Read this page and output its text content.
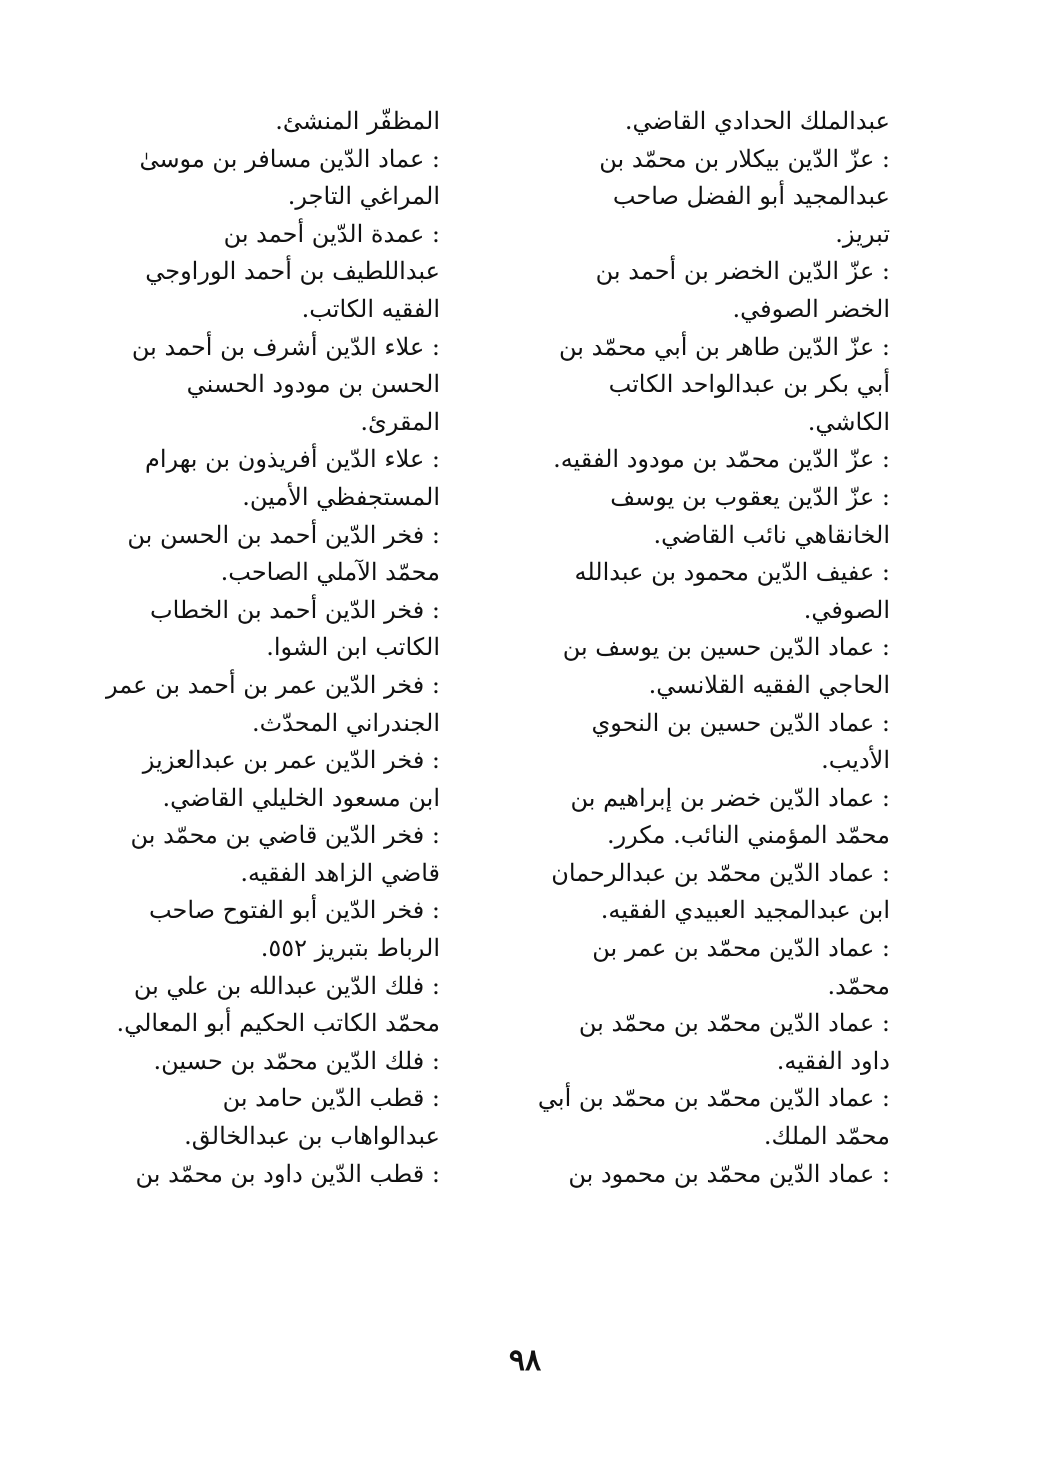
عبدالملك الحدادي القاضي.
: عزّ الدّين بيكلار بن محمّد بن
عبدالمجيد أبو الفضل صاحب
تبريز.
: عزّ الدّين الخضر بن أحمد بن
الخضر الصوفي.
: عزّ الدّين طاهر بن أبي محمّد بن
أبي بكر بن عبدالواحد الكاتب
الكاشي.
: عزّ الدّين محمّد بن مودود الفقيه.
: عزّ الدّين يعقوب بن يوسف
الخانقاهي نائب القاضي.
: عفيف الدّين محمود بن عبدالله
الصوفي.
: عماد الدّين حسين بن يوسف بن
الحاجي الفقيه القلانسي.
: عماد الدّين حسين بن النحوي
الأديب.
: عماد الدّين خضر بن إبراهيم بن
محمّد المؤمني النائب. مكرر.
: عماد الدّين محمّد بن عبدالرحمان
ابن عبدالمجيد العبيدي الفقيه.
: عماد الدّين محمّد بن عمر بن
محمّد.
: عماد الدّين محمّد بن محمّد بن
داود الفقيه.
: عماد الدّين محمّد بن محمّد بن أبي
محمّد الملك.
: عماد الدّين محمّد بن محمود بن
المظفّر المنشئ.
: عماد الدّين مسافر بن موسىٰ
المراغي التاجر.
: عمدة الدّين أحمد بن
عبداللطيف بن أحمد الوراوجي
الفقيه الكاتب.
: علاء الدّين أشرف بن أحمد بن
الحسن بن مودود الحسني
المقرئ.
: علاء الدّين أفريذون بن بهرام
المستجفظي الأمين.
: فخر الدّين أحمد بن الحسن بن
محمّد الآملي الصاحب.
: فخر الدّين أحمد بن الخطاب
الكاتب ابن الشوا.
: فخر الدّين عمر بن أحمد بن عمر
الجندراني المحدّث.
: فخر الدّين عمر بن عبدالعزيز
ابن مسعود الخليلي القاضي.
: فخر الدّين قاضي بن محمّد بن
قاضي الزاهد الفقيه.
: فخر الدّين أبو الفتوح صاحب
الرباط بتبريز ٥٥٢.
: فلك الدّين عبدالله بن علي بن
محمّد الكاتب الحكيم أبو المعالي.
: فلك الدّين محمّد بن حسين.
: قطب الدّين حامد بن
عبدالواهاب بن عبدالخالق.
: قطب الدّين داود بن محمّد بن
٩٨
